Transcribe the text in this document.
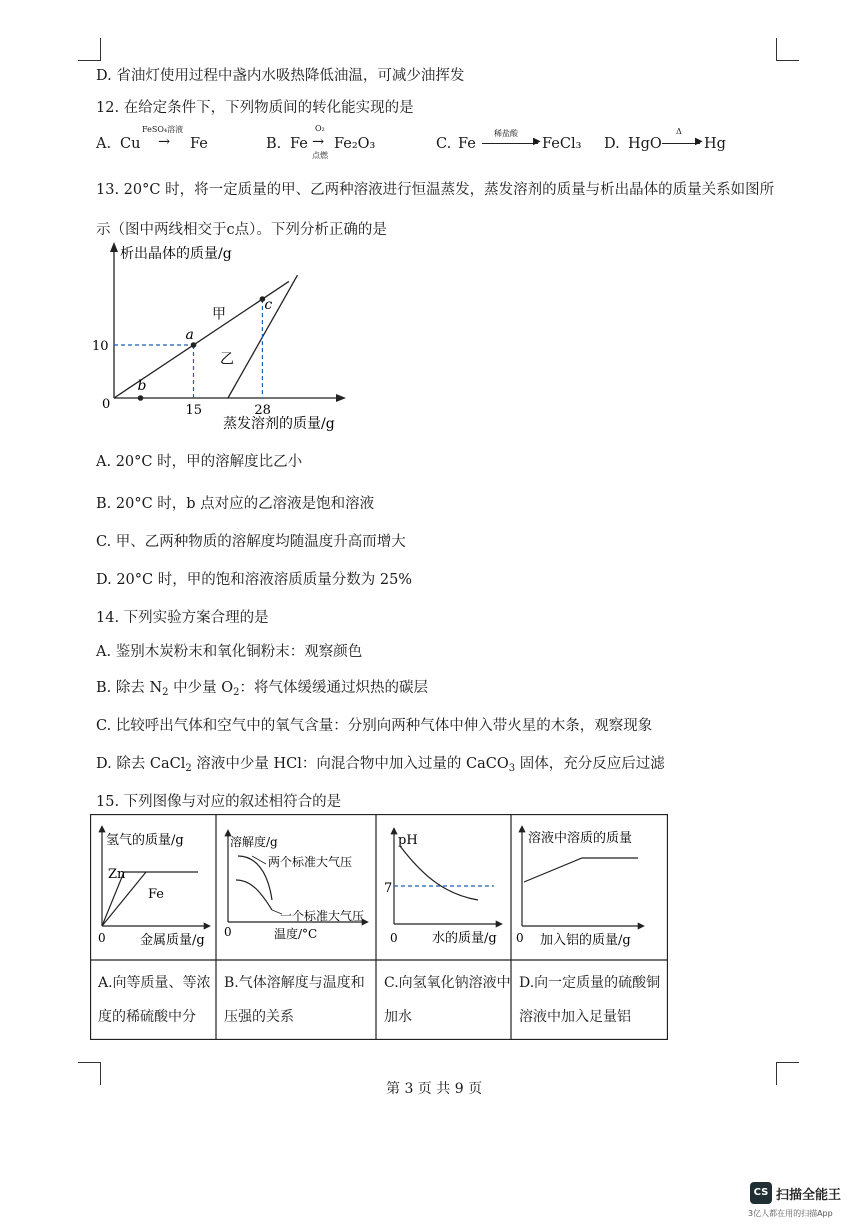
D. 省油灯使用过程中盏内水吸热降低油温，可减少油挥发
12. 在给定条件下，下列物质间的转化能实现的是
A. Cu
FeSO₄溶液
→ Fe	B. Fe
O₂
→
点燃
Fe₂O₃	C. Fe
稀盐酸
▶ FeCl₃ D. HgO
Δ
▶ Hg
13. 20°C 时，将一定质量的甲、乙两种溶液进行恒温蒸发，蒸发溶剂的质量与析出晶体的质量关系如图所
示（图中两线相交于c点）。下列分析正确的是
析出晶体的质量/g
蒸发溶剂的质量/g
0
a
b
c
甲
乙
15	28
10
A. 20°C 时，甲的溶解度比乙小
B. 20°C 时，b 点对应的乙溶液是饱和溶液
C. 甲、乙两种物质的溶解度均随温度升高而增大
D. 20°C 时，甲的饱和溶液溶质质量分数为 25%
14. 下列实验方案合理的是
A. 鉴别木炭粉末和氧化铜粉末：观察颜色
B. 除去 $N_2$ 中少量 $O_2$：将气体缓缓通过炽热的碳层
C. 比较呼出气体和空气中的氧气含量：分别向两种气体中伸入带火星的木条，观察现象
D. 除去 CaCl$_2$ 溶液中少量 HCl：向混合物中加入过量的 CaCO$_3$ 固体，充分反应后过滤
15. 下列图像与对应的叙述相符合的是
氢气的质量/g
金属质量/g
0
Zn
Fe
溶解度/g
温度/°C
0
两个标准大气压
一个标准大气压
pH
水的质量/g
0
7
溶液中溶质的质量
加入铝的质量/g
0
A.向等质量、等浓度的稀硫酸中分
B.气体溶解度与温度和压强的关系
C.向氢氧化钠溶液中加水
D.向一定质量的硫酸铜溶液中加入足量铝
第 3 页 共 9 页
CS 扫描全能王
3亿人都在用的扫描App
